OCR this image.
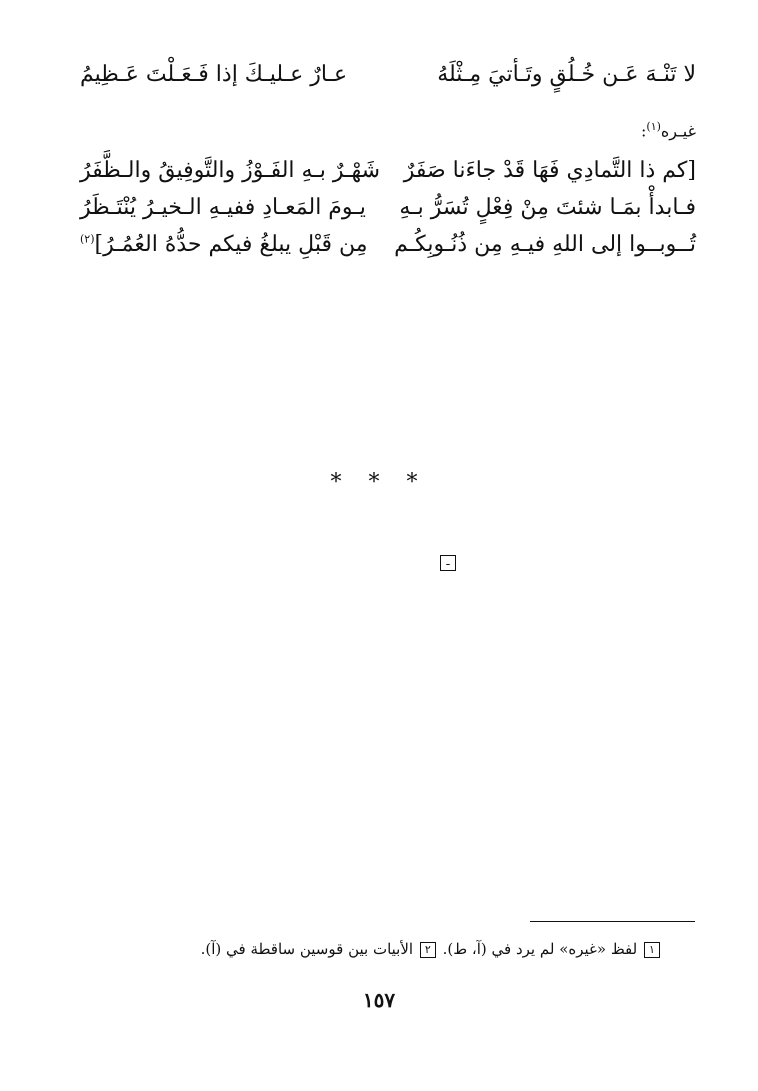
لا تَنْـهَ عَـن خُـلُقٍ وتَـأتيَ مِـثْلَهُ
عـارٌ عـليـكَ إذا فَـعَـلْتَ عَـظِيمُ
غيـره$^{(١)}$:
[كم ذا التَّمادِي فَهَا قَدْ جاءَنا صَفَرٌ
شَهْـرٌ بـهِ الفَـوْزُ والتَّوفِيقُ والـظَّفَرُ
فـابدأْ بمَـا شئتَ مِنْ فِعْلٍ تُسَرُّ بـهِ
يـومَ المَعـادِ ففيـهِ الـخيـرُ يُنْتَـظَرُ
تُــوبــوا إلى اللهِ فيـهِ مِن ذُنُـوبِكُـم
مِن قَبْلِ يبلغُ فيكم حدُّهُ العُمُـرُ]$^{(٢)}$
* * *
ـ
١ لفظ «غيره» لم يرد في (آ، ط). ٢ الأبيات بين قوسين ساقطة في (آ).
١٥٧
